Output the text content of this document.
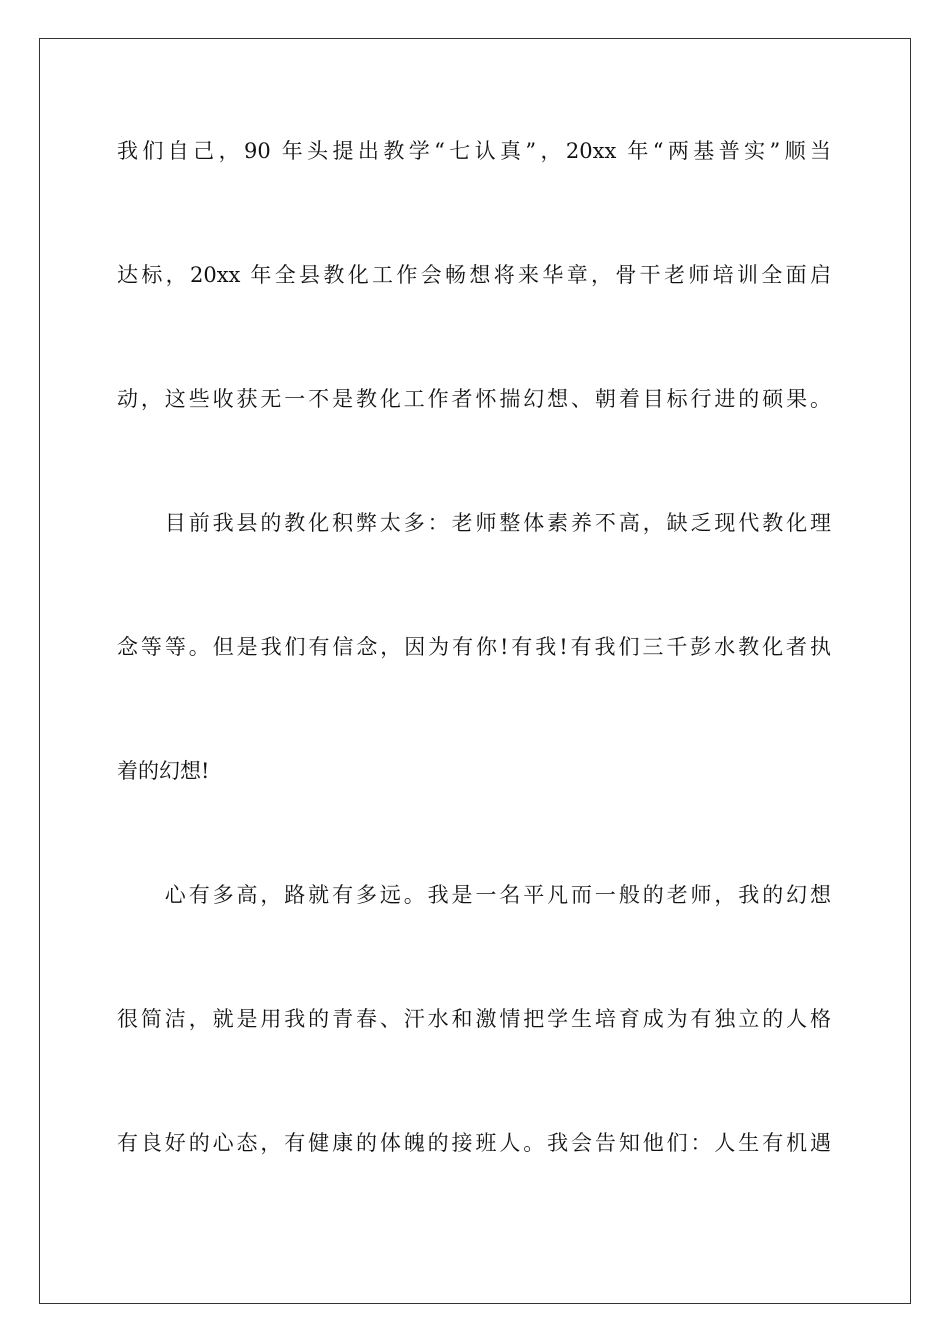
我们自己，90 年头提出教学“七认真”，20xx 年“两基普实”顺当
达标，20xx 年全县教化工作会畅想将来华章，骨干老师培训全面启
动，这些收获无一不是教化工作者怀揣幻想、朝着目标行进的硕果。
　　目前我县的教化积弊太多：老师整体素养不高，缺乏现代教化理
念等等。但是我们有信念，因为有你!有我!有我们三千彭水教化者执
着的幻想!
　　心有多高，路就有多远。我是一名平凡而一般的老师，我的幻想
很简洁，就是用我的青春、汗水和激情把学生培育成为有独立的人格
有良好的心态，有健康的体魄的接班人。我会告知他们：人生有机遇
